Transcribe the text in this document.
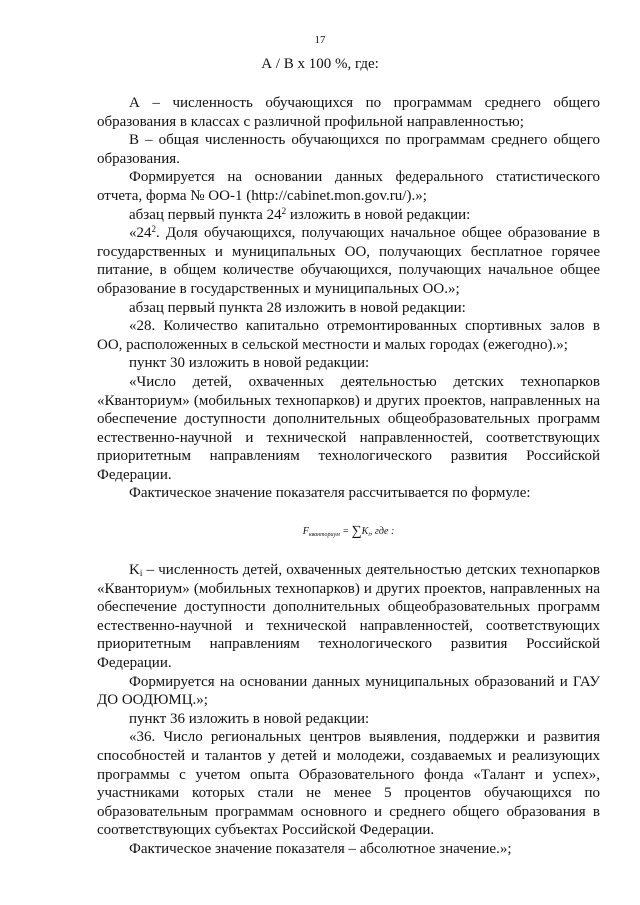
17
А / В х 100 %, где:

А – численность обучающихся по программам среднего общего образования в классах с различной профильной направленностью;

В – общая численность обучающихся по программам среднего общего образования.

Формируется на основании данных федерального статистического отчета, форма № ОО-1 (http://cabinet.mon.gov.ru/).»;

абзац первый пункта 24$^2$ изложить в новой редакции:

«24$^2$. Доля обучающихся, получающих начальное общее образование в государственных и муниципальных ОО, получающих бесплатное горячее питание, в общем количестве обучающихся, получающих начальное общее образование в государственных и муниципальных ОО.»;

абзац первый пункта 28 изложить в новой редакции:

«28. Количество капитально отремонтированных спортивных залов в ОО, расположенных в сельской местности и малых городах (ежегодно).»;

пункт 30 изложить в новой редакции:

«Число детей, охваченных деятельностью детских технопарков «Кванториум» (мобильных технопарков) и других проектов, направленных на обеспечение доступности дополнительных общеобразовательных программ естественно-научной и технической направленностей, соответствующих приоритетным направлениям технологического развития Российской Федерации.

Фактическое значение показателя рассчитывается по формуле:

$F_{кванториум} = \sum K_i$, где :

$K_i$ – численность детей, охваченных деятельностью детских технопарков «Кванториум» (мобильных технопарков) и других проектов, направленных на обеспечение доступности дополнительных общеобразовательных программ естественно-научной и технической направленностей, соответствующих приоритетным направлениям технологического развития Российской Федерации.

Формируется на основании данных муниципальных образований и ГАУ ДО ООДЮМЦ.»;

пункт 36 изложить в новой редакции:

«36. Число региональных центров выявления, поддержки и развития способностей и талантов у детей и молодежи, создаваемых и реализующих программы с учетом опыта Образовательного фонда «Талант и успех», участниками которых стали не менее 5 процентов обучающихся по образовательным программам основного и среднего общего образования в соответствующих субъектах Российской Федерации.

Фактическое значение показателя – абсолютное значение.»;
